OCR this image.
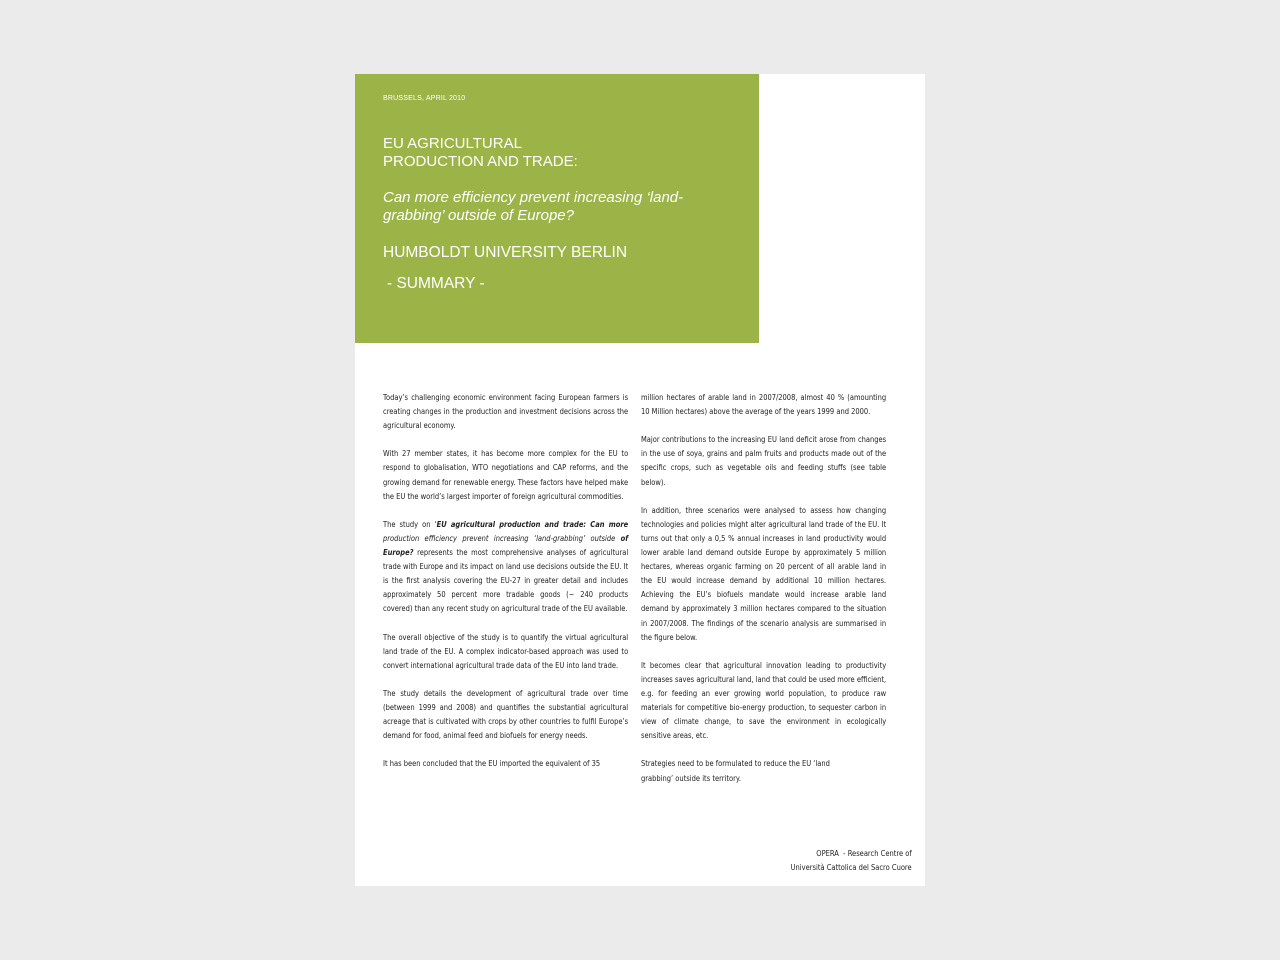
BRUSSELS, APRIL 2010
EU AGRICULTURAL
PRODUCTION AND TRADE:
Can more efficiency prevent increasing ‘land-grabbing’ outside of Europe?
HUMBOLDT UNIVERSITY BERLIN
- SUMMARY -

Today’s challenging economic environment facing European farmers is creating changes in the production and investment decisions across the agricultural economy.

With 27 member states, it has become more complex for the EU to respond to globalisation, WTO negotiations and CAP reforms, and the growing demand for renewable energy. These factors have helped make the EU the world’s largest importer of foreign agricultural commodities.

The study on ‘EU agricultural production and trade: Can more production efficiency prevent increasing ‘land-grabbing’ outside of Europe? represents the most comprehensive analyses of agricultural trade with Europe and its impact on land use decisions outside the EU. It is the first analysis covering the EU-27 in greater detail and includes approximately 50 percent more tradable goods (~ 240 products covered) than any recent study on agricultural trade of the EU available.

The overall objective of the study is to quantify the virtual agricultural land trade of the EU. A complex indicator-based approach was used to convert international agricultural trade data of the EU into land trade.

The study details the development of agricultural trade over time (between 1999 and 2008) and quantifies the substantial agricultural acreage that is cultivated with crops by other countries to fulfil Europe’s demand for food, animal feed and biofuels for energy needs.

It has been concluded that the EU imported the equivalent of 35

million hectares of arable land in 2007/2008, almost 40 % (amounting 10 Million hectares) above the average of the years 1999 and 2000.

Major contributions to the increasing EU land deficit arose from changes in the use of soya, grains and palm fruits and products made out of the specific crops, such as vegetable oils and feeding stuffs (see table below).

In addition, three scenarios were analysed to assess how changing technologies and policies might alter agricultural land trade of the EU. It turns out that only a 0,5 % annual increases in land productivity would lower arable land demand outside Europe by approximately 5 million hectares, whereas organic farming on 20 percent of all arable land in the EU would increase demand by additional 10 million hectares. Achieving the EU’s biofuels mandate would increase arable land demand by approximately 3 million hectares compared to the situation in 2007/2008. The findings of the scenario analysis are summarised in the figure below.

It becomes clear that agricultural innovation leading to productivity increases saves agricultural land, land that could be used more efficient, e.g. for feeding an ever growing world population, to produce raw materials for competitive bio-energy production, to sequester carbon in view of climate change, to save the environment in ecologically sensitive areas, etc.

Strategies need to be formulated to reduce the EU ‘land grabbing’ outside its territory.

OPERA  - Research Centre of
Università Cattolica del Sacro Cuore
